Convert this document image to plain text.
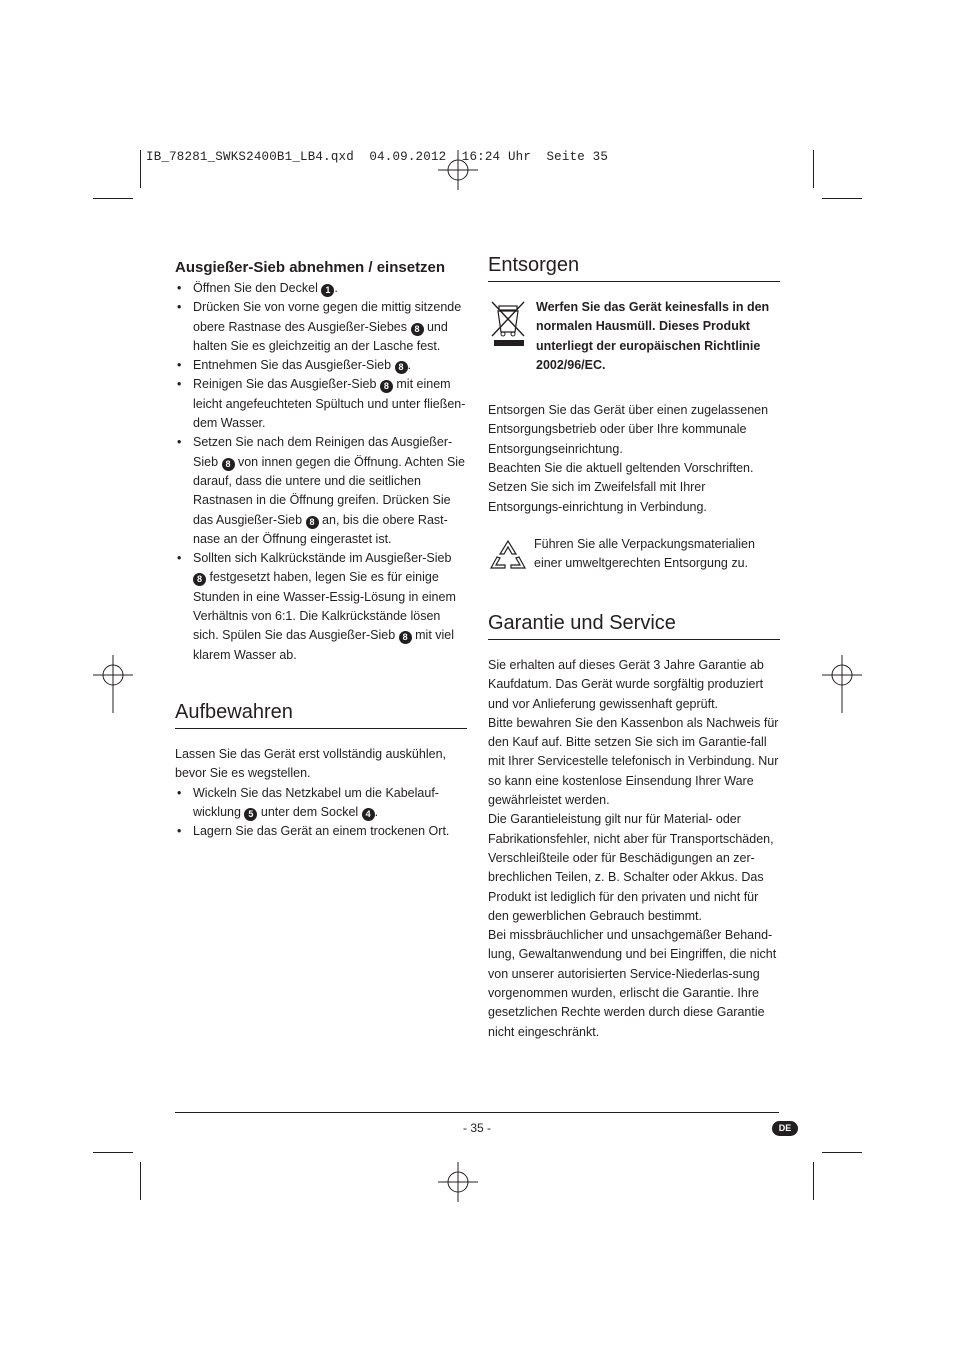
IB_78281_SWKS2400B1_LB4.qxd  04.09.2012  16:24 Uhr  Seite 35
Ausgießer-Sieb abnehmen / einsetzen
• Öffnen Sie den Deckel 1 .
• Drücken Sie von vorne gegen die mittig sitzende obere Rastnase des Ausgießer-Siebes 8 und halten Sie es gleichzeitig an der Lasche fest.
• Entnehmen Sie das Ausgießer-Sieb 8 .
• Reinigen Sie das Ausgießer-Sieb 8 mit einem leicht angefeuchteten Spültuch und unter fließen-dem Wasser.
• Setzen Sie nach dem Reinigen das Ausgießer-Sieb 8 von innen gegen die Öffnung. Achten Sie darauf, dass die untere und die seitlichen Rastnasen in die Öffnung greifen. Drücken Sie das Ausgießer-Sieb 8 an, bis die obere Rast-nase an der Öffnung eingerastet ist.
• Sollten sich Kalkrückstände im Ausgießer-Sieb 8 festgesetzt haben, legen Sie es für einige Stunden in eine Wasser-Essig-Lösung in einem Verhältnis von 6:1. Die Kalkrückstände lösen sich. Spülen Sie das Ausgießer-Sieb 8 mit viel klarem Wasser ab.
Aufbewahren

Lassen Sie das Gerät erst vollständig auskühlen, bevor Sie es wegstellen.

• Wickeln Sie das Netzkabel um die Kabelauf-wicklung 5 unter dem Sockel 4 .
• Lagern Sie das Gerät an einem trockenen Ort.
Entsorgen
Werfen Sie das Gerät keinesfalls in den normalen Hausmüll. Dieses Produkt unterliegt der europäischen Richtlinie 2002/96/EC.

Entsorgen Sie das Gerät über einen zugelassenen Entsorgungsbetrieb oder über Ihre kommunale Entsorgungseinrichtung.

Beachten Sie die aktuell geltenden Vorschriften. Setzen Sie sich im Zweifelsfall mit Ihrer Entsorgungs-einrichtung in Verbindung.

Führen Sie alle Verpackungsmaterialien einer umweltgerechten Entsorgung zu.
Garantie und Service

Sie erhalten auf dieses Gerät 3 Jahre Garantie ab Kaufdatum. Das Gerät wurde sorgfältig produziert und vor Anlieferung gewissenhaft geprüft.

Bitte bewahren Sie den Kassenbon als Nachweis für den Kauf auf. Bitte setzen Sie sich im Garantie-fall mit Ihrer Servicestelle telefonisch in Verbindung. Nur so kann eine kostenlose Einsendung Ihrer Ware gewährleistet werden.

Die Garantieleistung gilt nur für Material- oder Fabrikationsfehler, nicht aber für Transportschäden, Verschleißteile oder für Beschädigungen an zer-brechlichen Teilen, z. B. Schalter oder Akkus. Das Produkt ist lediglich für den privaten und nicht für den gewerblichen Gebrauch bestimmt.

Bei missbräuchlicher und unsachgemäßer Behand-lung, Gewaltanwendung und bei Eingriffen, die nicht von unserer autorisierten Service-Niederlas-sung vorgenommen wurden, erlischt die Garantie. Ihre gesetzlichen Rechte werden durch diese Garantie nicht eingeschränkt.

- 35 -	DE
